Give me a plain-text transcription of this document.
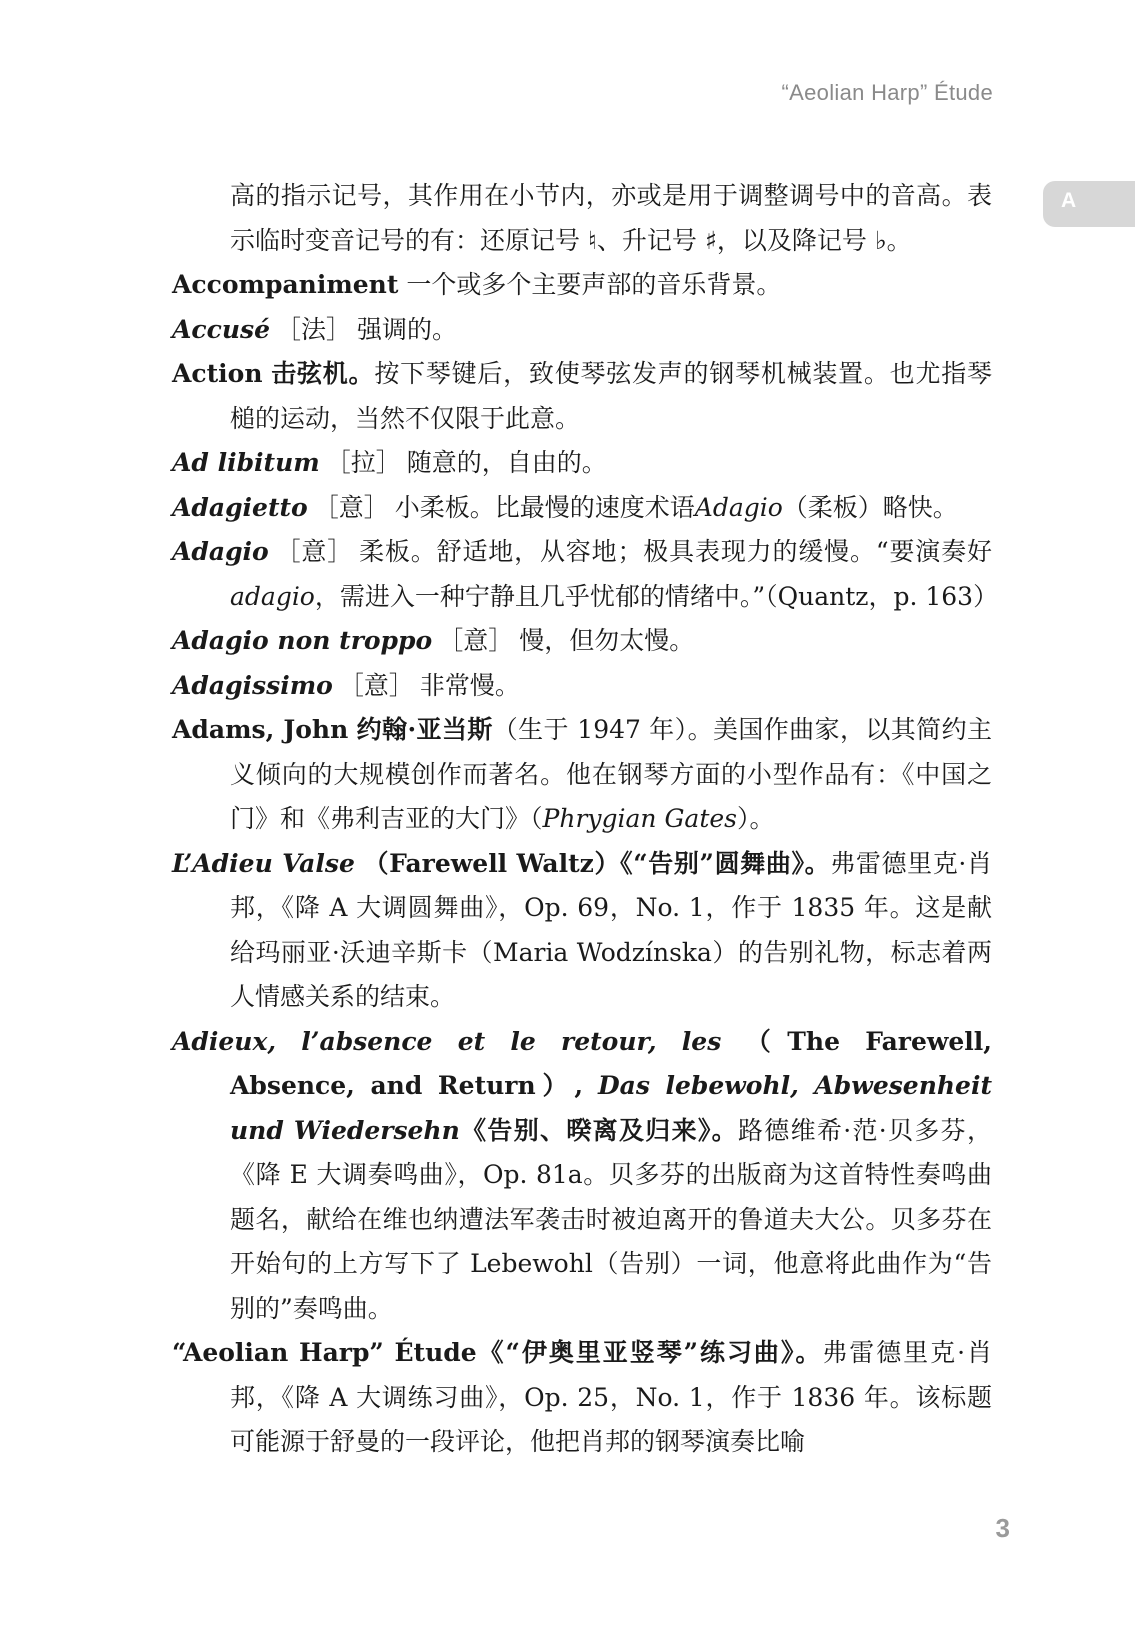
“Aeolian Harp” Étude
A

高的指示记号，其作用在小节内，亦或是用于调整调号中的音高。表示临时变音记号的有：还原记号 ♮、升记号 ♯，以及降记号 ♭。

Accompaniment 一个或多个主要声部的音乐背景。

Accusé ［法］ 强调的。

Action 击弦机。按下琴键后，致使琴弦发声的钢琴机械装置。也尤指琴槌的运动，当然不仅限于此意。

Ad libitum ［拉］ 随意的，自由的。

Adagietto ［意］ 小柔板。比最慢的速度术语Adagio（柔板）略快。

Adagio ［意］ 柔板。舒适地，从容地；极具表现力的缓慢。“要演奏好adagio，需进入一种宁静且几乎忧郁的情绪中。”（Quantz，p. 163）

Adagio non troppo ［意］ 慢，但勿太慢。

Adagissimo ［意］ 非常慢。

Adams, John 约翰·亚当斯（生于 1947 年）。美国作曲家，以其简约主义倾向的大规模创作而著名。他在钢琴方面的小型作品有：《中国之门》和《弗利吉亚的大门》（Phrygian Gates）。

L’Adieu Valse （Farewell Waltz）《“告别”圆舞曲》。弗雷德里克·肖邦，《降 A 大调圆舞曲》，Op. 69，No. 1，作于 1835 年。这是献给玛丽亚·沃迪辛斯卡（Maria Wodzínska）的告别礼物，标志着两人情感关系的结束。

Adieux, l’absence et le retour, les （The Farewell, Absence, and Return）, Das lebewohl, Abwesenheit und Wiedersehn《告别、暌离及归来》。路德维希·范·贝多芬，《降 E 大调奏鸣曲》，Op. 81a。贝多芬的出版商为这首特性奏鸣曲题名，献给在维也纳遭法军袭击时被迫离开的鲁道夫大公。贝多芬在开始句的上方写下了 Lebewohl（告别）一词，他意将此曲作为“告别的”奏鸣曲。

“Aeolian Harp” Étude《“伊奥里亚竖琴”练习曲》。弗雷德里克·肖邦，《降 A 大调练习曲》，Op. 25，No. 1，作于 1836 年。该标题可能源于舒曼的一段评论，他把肖邦的钢琴演奏比喻

3
